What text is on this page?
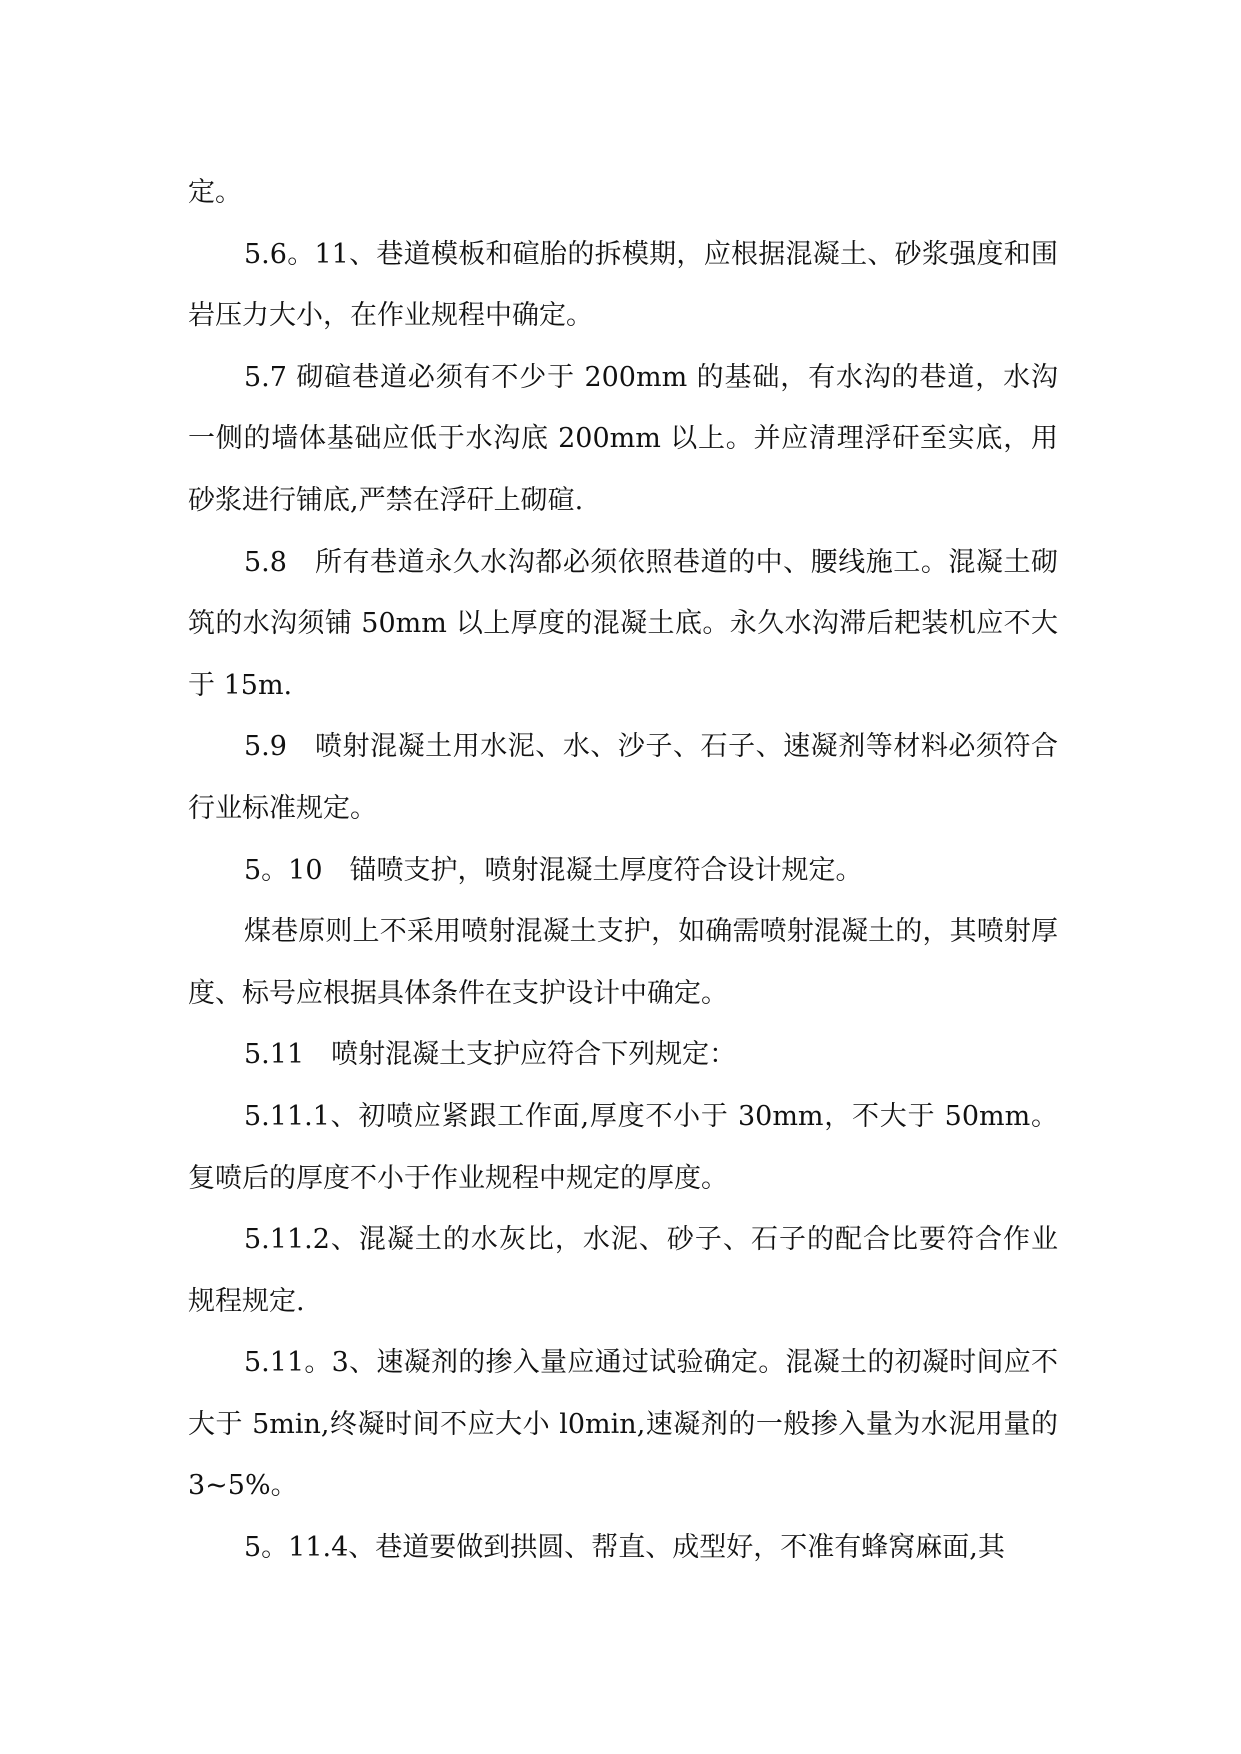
定。

5.6。11、巷道模板和碹胎的拆模期，应根据混凝土、砂浆强度和围岩压力大小，在作业规程中确定。

5.7 砌碹巷道必须有不少于 200mm 的基础，有水沟的巷道，水沟一侧的墙体基础应低于水沟底 200mm 以上。并应清理浮矸至实底，用砂浆进行铺底,严禁在浮矸上砌碹.

5.8　所有巷道永久水沟都必须依照巷道的中、腰线施工。混凝土砌筑的水沟须铺 50mm 以上厚度的混凝土底。永久水沟滞后耙装机应不大于 15m.

5.9　喷射混凝土用水泥、水、沙子、石子、速凝剂等材料必须符合行业标准规定。

5。10　锚喷支护，喷射混凝土厚度符合设计规定。

煤巷原则上不采用喷射混凝土支护，如确需喷射混凝土的，其喷射厚度、标号应根据具体条件在支护设计中确定。

5.11　喷射混凝土支护应符合下列规定：

5.11.1、初喷应紧跟工作面,厚度不小于 30mm，不大于 50mm。复喷后的厚度不小于作业规程中规定的厚度。

5.11.2、混凝土的水灰比，水泥、砂子、石子的配合比要符合作业规程规定.

5.11。3、速凝剂的掺入量应通过试验确定。混凝土的初凝时间应不大于 5min,终凝时间不应大小 l0min,速凝剂的一般掺入量为水泥用量的 3~5%。

5。11.4、巷道要做到拱圆、帮直、成型好，不准有蜂窝麻面,其
